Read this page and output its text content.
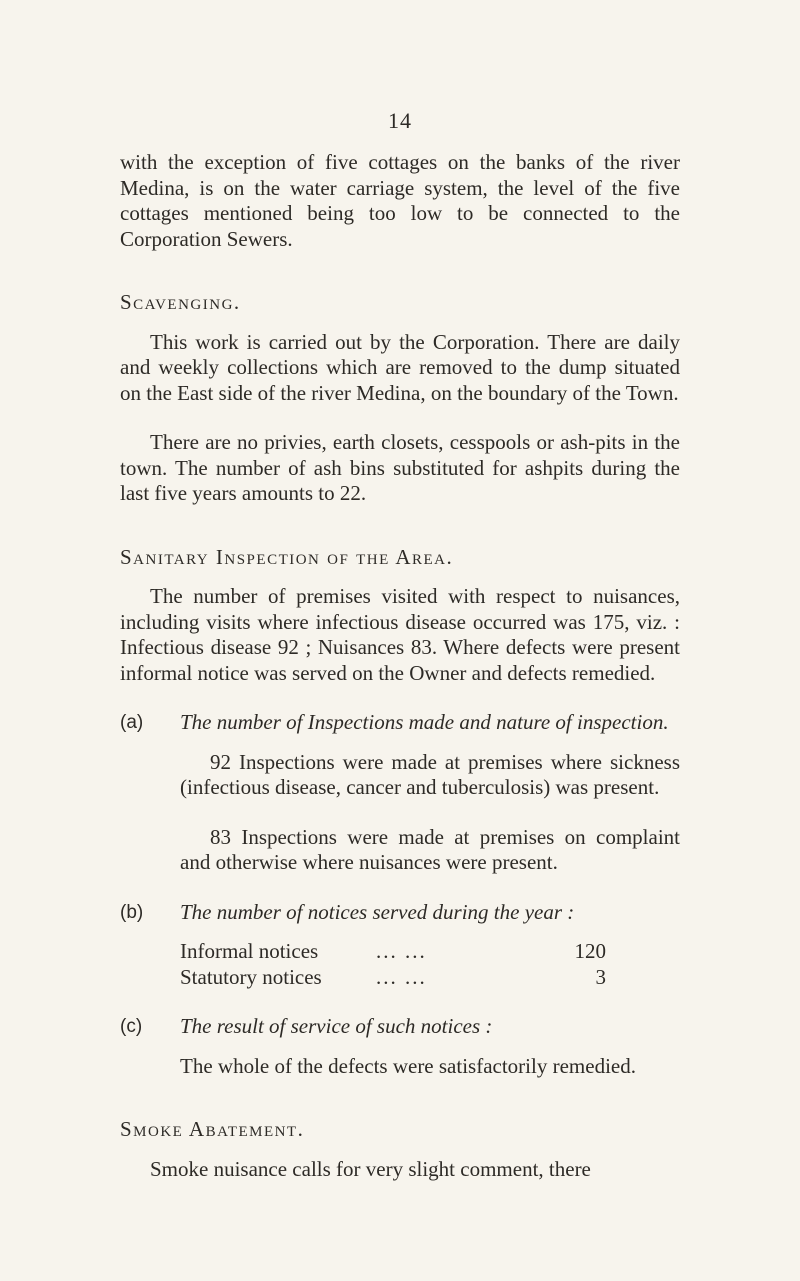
14

with the exception of five cottages on the banks of the river Medina, is on the water carriage system, the level of the five cottages mentioned being too low to be connected to the Corporation Sewers.

Scavenging.

This work is carried out by the Corporation. There are daily and weekly collections which are removed to the dump situated on the East side of the river Medina, on the boundary of the Town.

There are no privies, earth closets, cesspools or ash-pits in the town. The number of ash bins substituted for ashpits during the last five years amounts to 22.

Sanitary Inspection of the Area.

The number of premises visited with respect to nuisances, including visits where infectious disease occurred was 175, viz. : Infectious disease 92 ; Nuisances 83. Where defects were present informal notice was served on the Owner and defects remedied.

(a) The number of Inspections made and nature of inspection.

92 Inspections were made at premises where sickness (infectious disease, cancer and tuberculosis) was present.

83 Inspections were made at premises on complaint and otherwise where nuisances were present.

(b) The number of notices served during the year :

Informal notices	... ...	120
Statutory notices	... ...	3
(c) The result of service of such notices :

The whole of the defects were satisfactorily remedied.

Smoke Abatement.

Smoke nuisance calls for very slight comment, there
